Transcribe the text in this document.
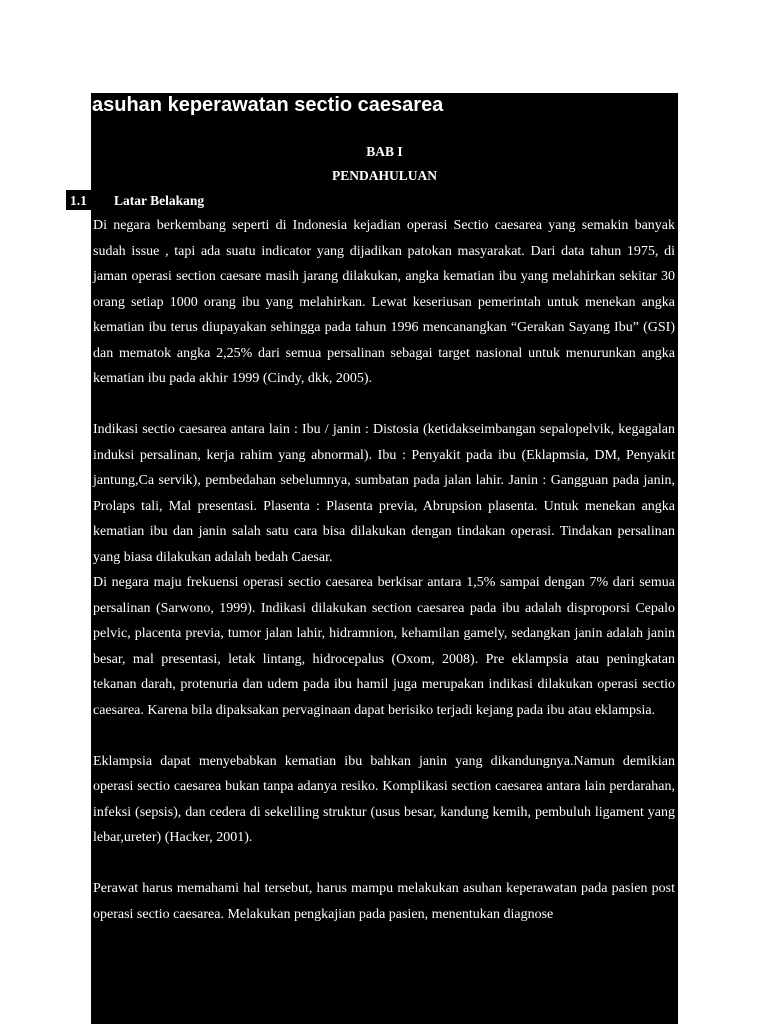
asuhan keperawatan sectio caesarea
BAB I
PENDAHULUAN
1.1 Latar Belakang

Di negara berkembang seperti di Indonesia kejadian operasi Sectio caesarea yang semakin banyak sudah issue , tapi ada suatu indicator yang dijadikan patokan masyarakat. Dari data tahun 1975, di jaman operasi section caesare masih jarang dilakukan, angka kematian ibu yang melahirkan sekitar 30 orang setiap 1000 orang ibu yang melahirkan. Lewat keseriusan pemerintah untuk menekan angka kematian ibu terus diupayakan sehingga pada tahun 1996 mencanangkan “Gerakan Sayang Ibu” (GSI) dan mematok angka 2,25% dari semua persalinan sebagai target nasional untuk menurunkan angka kematian ibu pada akhir 1999 (Cindy, dkk, 2005).

Indikasi sectio caesarea antara lain : Ibu / janin : Distosia (ketidakseimbangan sepalopelvik, kegagalan induksi persalinan, kerja rahim yang abnormal). Ibu : Penyakit pada ibu (Eklapmsia, DM, Penyakit jantung,Ca servik), pembedahan sebelumnya, sumbatan pada jalan lahir. Janin : Gangguan pada janin, Prolaps tali, Mal presentasi. Plasenta : Plasenta previa, Abrupsion plasenta. Untuk menekan angka kematian ibu dan janin salah satu cara bisa dilakukan dengan tindakan operasi. Tindakan persalinan yang biasa dilakukan adalah bedah Caesar.

Di negara maju frekuensi operasi sectio caesarea berkisar antara 1,5% sampai dengan 7% dari semua persalinan (Sarwono, 1999). Indikasi dilakukan section caesarea pada ibu adalah disproporsi Cepalo pelvic, placenta previa, tumor jalan lahir, hidramnion, kehamilan gamely, sedangkan janin adalah janin besar, mal presentasi, letak lintang, hidrocepalus (Oxom, 2008). Pre eklampsia atau peningkatan tekanan darah, protenuria dan udem pada ibu hamil juga merupakan indikasi dilakukan operasi sectio caesarea. Karena bila dipaksakan pervaginaan dapat berisiko terjadi kejang pada ibu atau eklampsia.

Eklampsia dapat menyebabkan kematian ibu bahkan janin yang dikandungnya.Namun demikian operasi sectio caesarea bukan tanpa adanya resiko. Komplikasi section caesarea antara lain perdarahan, infeksi (sepsis), dan cedera di sekeliling struktur (usus besar, kandung kemih, pembuluh ligament yang lebar,ureter) (Hacker, 2001).

Perawat harus memahami hal tersebut, harus mampu melakukan asuhan keperawatan pada pasien post operasi sectio caesarea. Melakukan pengkajian pada pasien, menentukan diagnose
